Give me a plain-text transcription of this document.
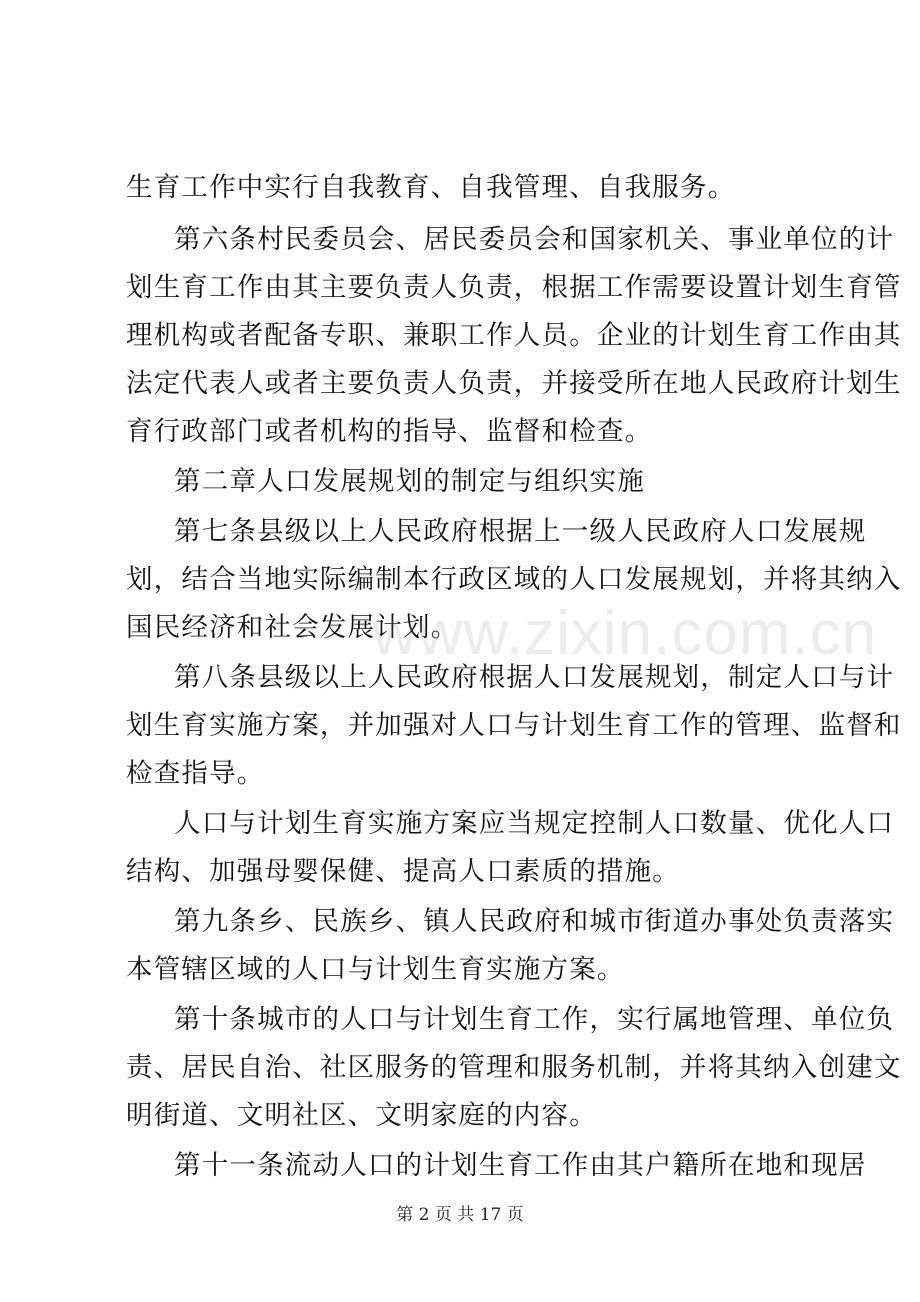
生育工作中实行自我教育、自我管理、自我服务。
第六条村民委员会、居民委员会和国家机关、事业单位的计
划生育工作由其主要负责人负责，根据工作需要设置计划生育管
理机构或者配备专职、兼职工作人员。企业的计划生育工作由其
法定代表人或者主要负责人负责，并接受所在地人民政府计划生
育行政部门或者机构的指导、监督和检查。
第二章人口发展规划的制定与组织实施
第七条县级以上人民政府根据上一级人民政府人口发展规
划，结合当地实际编制本行政区域的人口发展规划，并将其纳入
国民经济和社会发展计划。
第八条县级以上人民政府根据人口发展规划，制定人口与计
划生育实施方案，并加强对人口与计划生育工作的管理、监督和
检查指导。
人口与计划生育实施方案应当规定控制人口数量、优化人口
结构、加强母婴保健、提高人口素质的措施。
第九条乡、民族乡、镇人民政府和城市街道办事处负责落实
本管辖区域的人口与计划生育实施方案。
第十条城市的人口与计划生育工作，实行属地管理、单位负
责、居民自治、社区服务的管理和服务机制，并将其纳入创建文
明街道、文明社区、文明家庭的内容。
第十一条流动人口的计划生育工作由其户籍所在地和现居
www.zixin.com.cn
第 2 页 共 17 页
